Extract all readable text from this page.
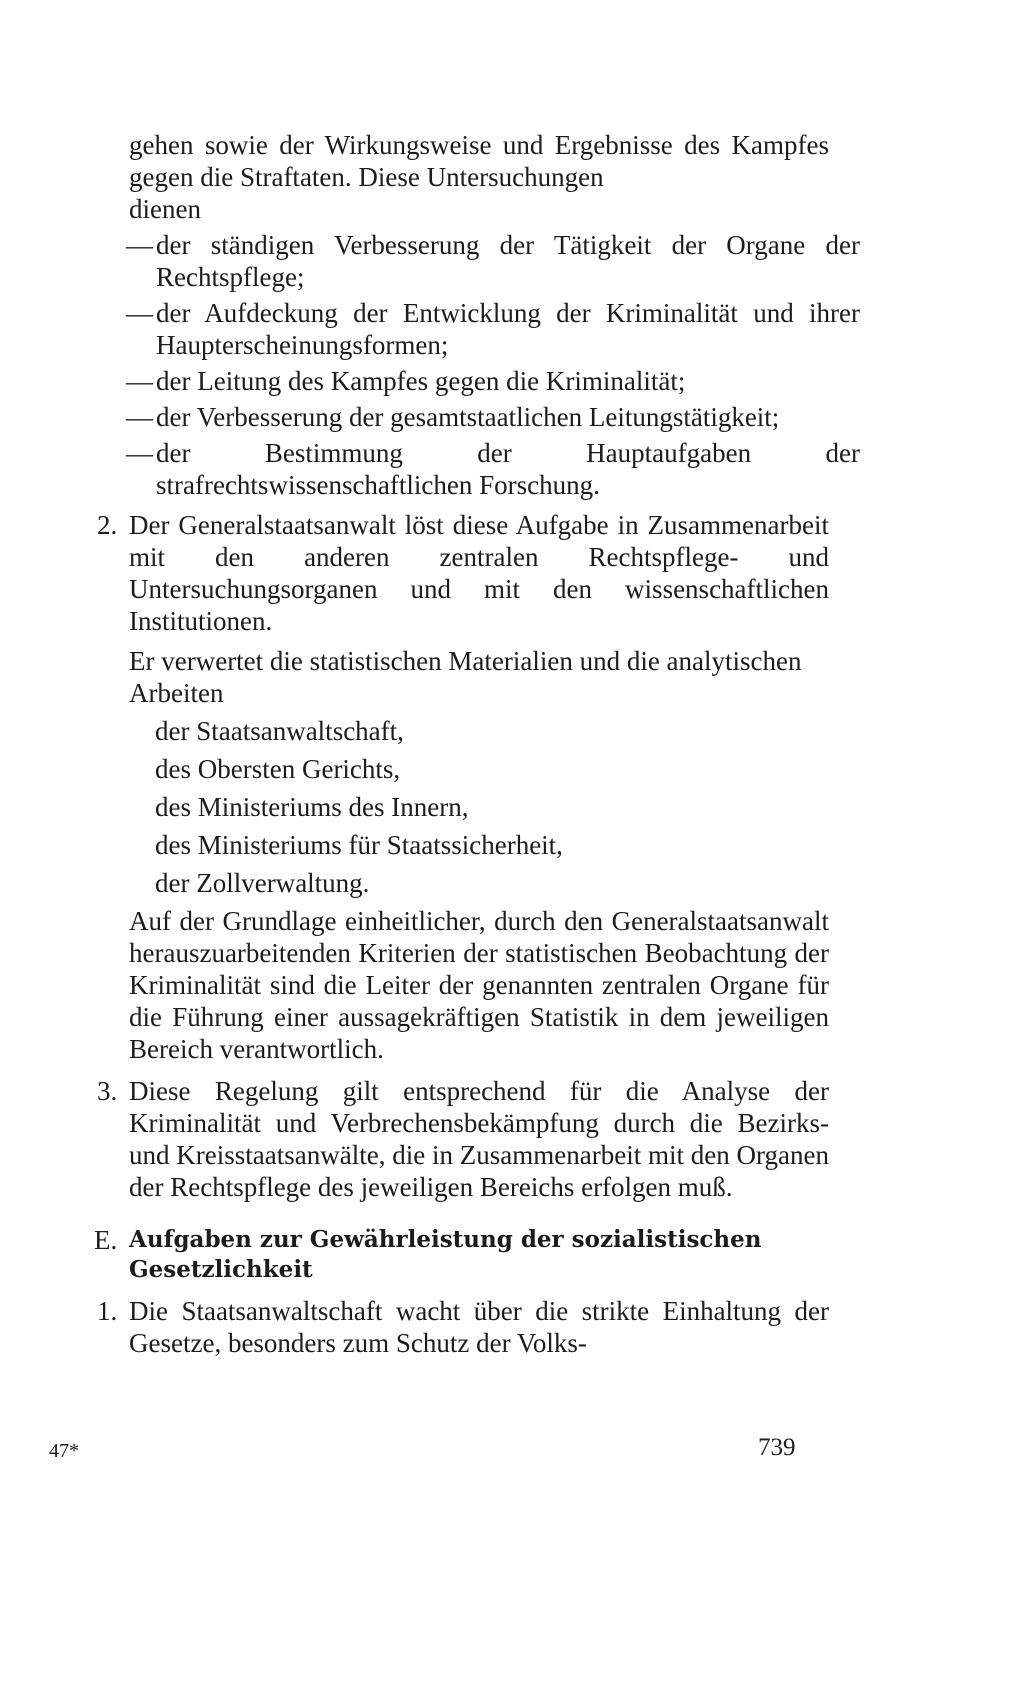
gehen sowie der Wirkungsweise und Ergebnisse des Kampfes gegen die Straftaten. Diese Untersuchungen

dienen

— der ständigen Verbesserung der Tätigkeit der Organe der Rechtspflege;
— der Aufdeckung der Entwicklung der Kriminalität und ihrer Haupterscheinungsformen;
— der Leitung des Kampfes gegen die Kriminalität;
— der Verbesserung der gesamtstaatlichen Leitungstätigkeit;
— der Bestimmung der Hauptaufgaben der strafrechtswissenschaftlichen Forschung.
2. Der Generalstaatsanwalt löst diese Aufgabe in Zusammenarbeit mit den anderen zentralen Rechtspflege- und Untersuchungsorganen und mit den wissenschaftlichen Institutionen.

Er verwertet die statistischen Materialien und die analytischen Arbeiten

der Staatsanwaltschaft,
des Obersten Gerichts,
des Ministeriums des Innern,
des Ministeriums für Staatssicherheit,
der Zollverwaltung.

Auf der Grundlage einheitlicher, durch den Generalstaatsanwalt herauszuarbeitenden Kriterien der statistischen Beobachtung der Kriminalität sind die Leiter der genannten zentralen Organe für die Führung einer aussagekräftigen Statistik in dem jeweiligen Bereich verantwortlich.

3. Diese Regelung gilt entsprechend für die Analyse der Kriminalität und Verbrechensbekämpfung durch die Bezirks- und Kreisstaatsanwälte, die in Zusammenarbeit mit den Organen der Rechtspflege des jeweiligen Bereichs erfolgen muß.
E. Aufgaben zur Gewährleistung der sozialistischen Gesetzlichkeit
1. Die Staatsanwaltschaft wacht über die strikte Einhaltung der Gesetze, besonders zum Schutz der Volks-
47*	739
